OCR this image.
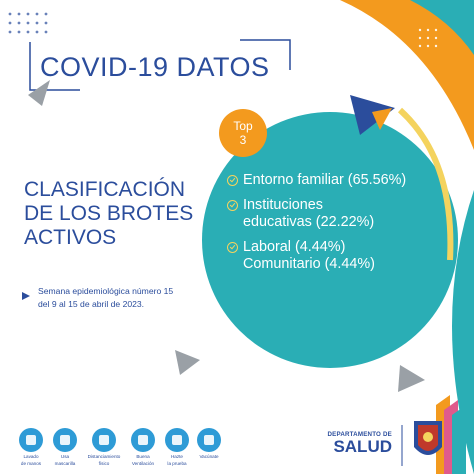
COVID-19 DATOS
CLASIFICACIÓN
DE LOS BROTES
ACTIVOS
Semana epidemiológica número 15
del 9 al 15 de abril de 2023.
Top
3
Entorno familiar (65.56%)
Instituciones
educativas (22.22%)
Laboral (4.44%)
Comunitario (4.44%)
Lavado
de manos
Usa
mascarilla
Distanciamiento
físico
Buena
Ventilación
Hazte
la prueba
Vacúnate
DEPARTAMENTO DE
SALUD
